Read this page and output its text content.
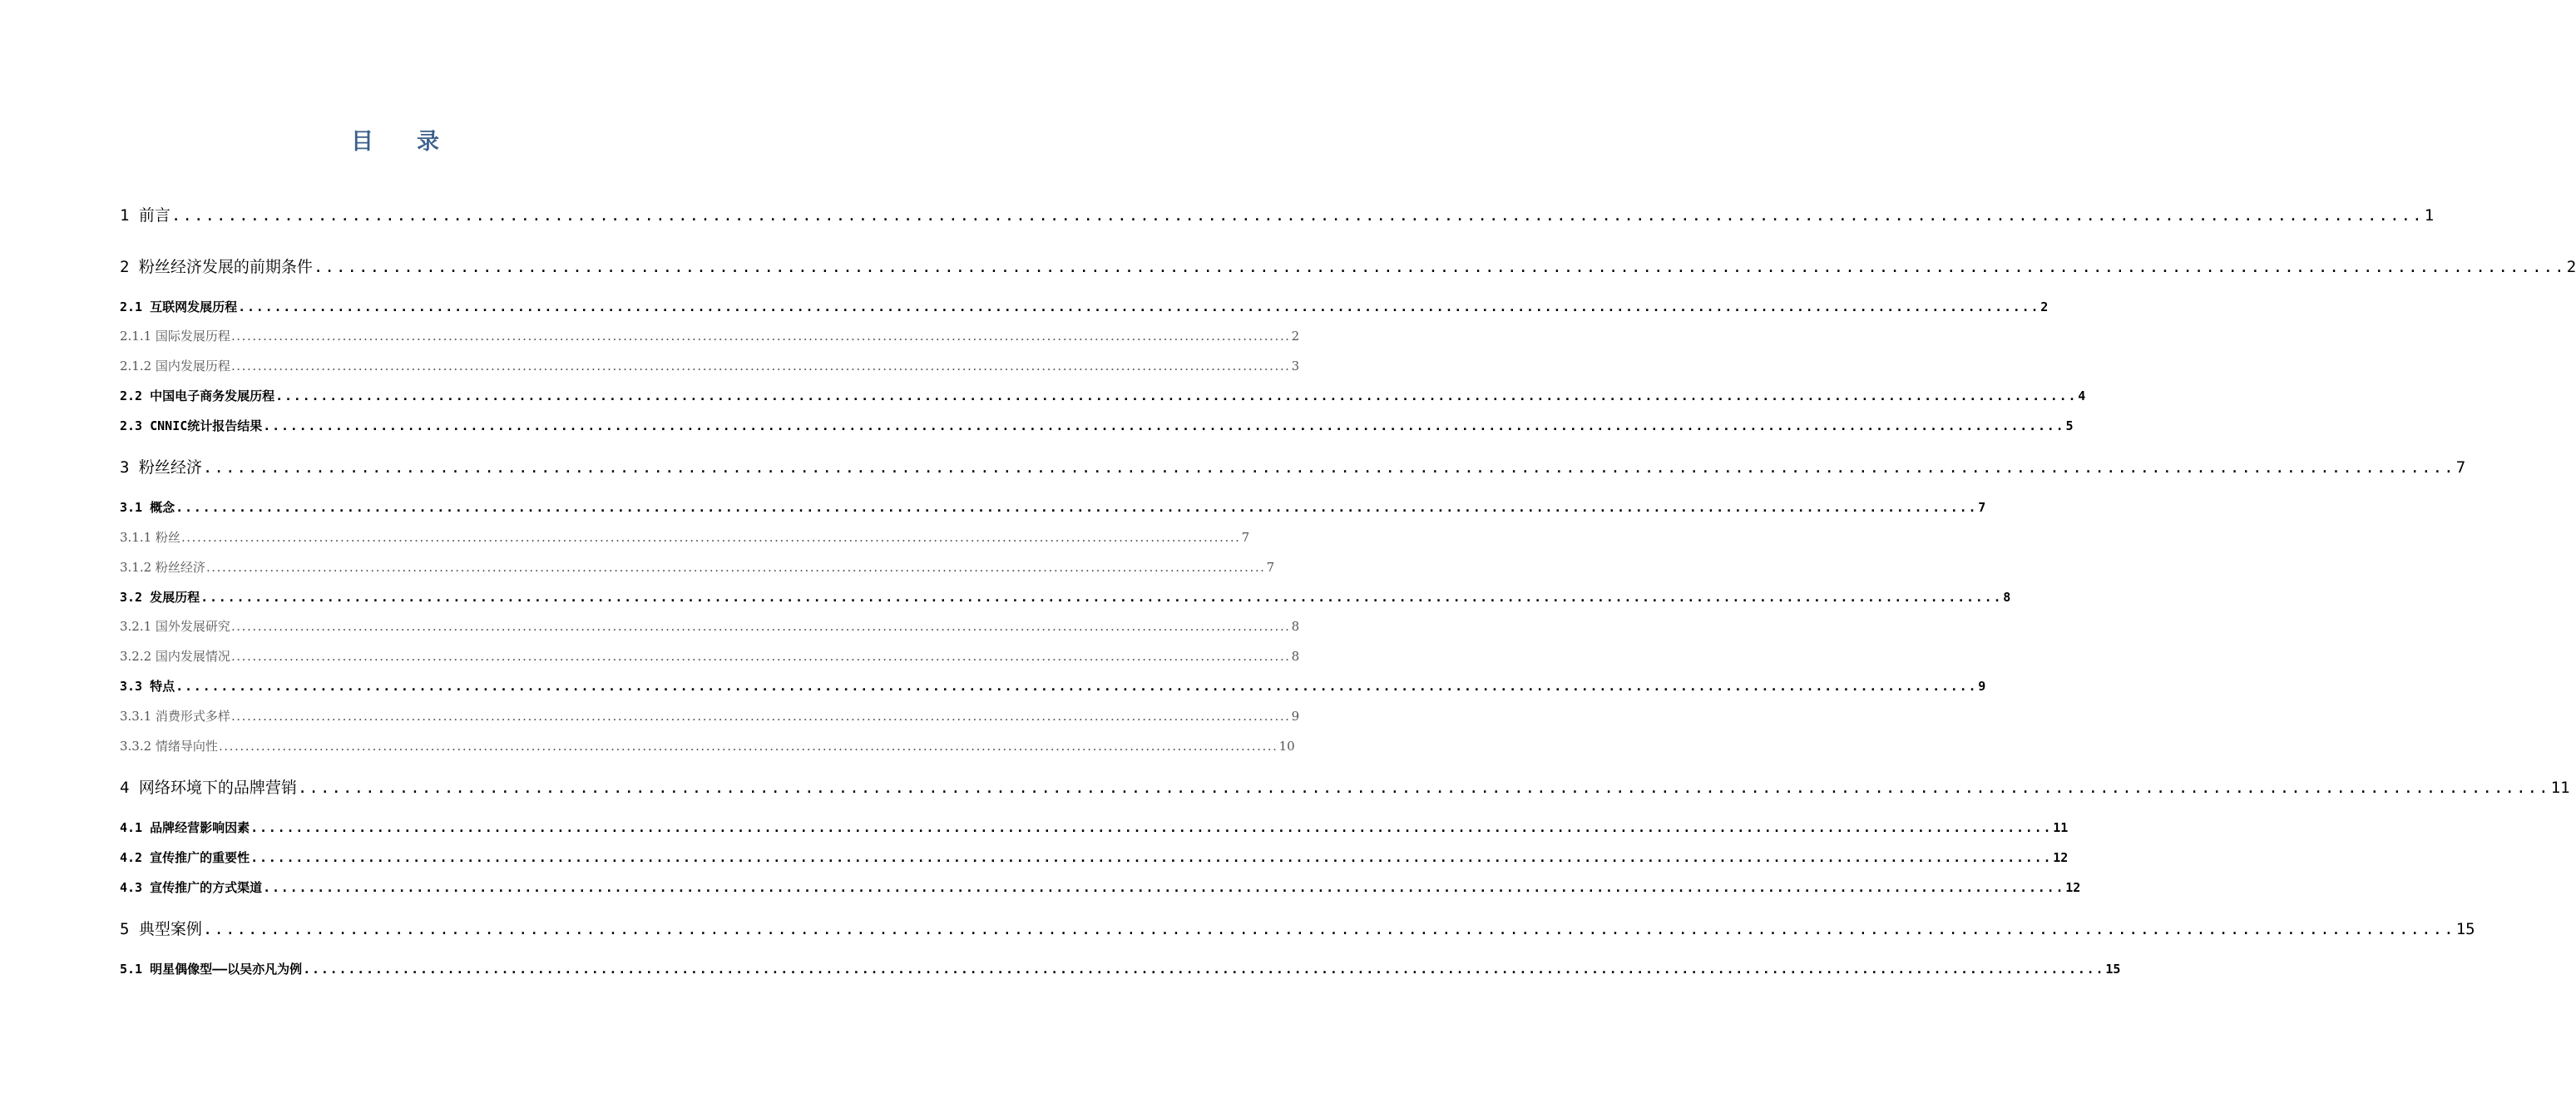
目 录
1 前言 ........................................................................................................................................................................................................ 1
2 粉丝经济发展的前期条件 ........................................................................................................................................................................................................ 2
2.1 互联网发展历程 ........................................................................................................................................................................................................ 2
2.1.1 国际发展历程 ........................................................................................................................................................................................................ 2
2.1.2 国内发展历程 ........................................................................................................................................................................................................ 3
2.2 中国电子商务发展历程 ........................................................................................................................................................................................................ 4
2.3 CNNIC统计报告结果 ........................................................................................................................................................................................................ 5
3 粉丝经济 ........................................................................................................................................................................................................ 7
3.1 概念 ........................................................................................................................................................................................................ 7
3.1.1 粉丝 ........................................................................................................................................................................................................ 7
3.1.2 粉丝经济 ........................................................................................................................................................................................................ 7
3.2 发展历程 ........................................................................................................................................................................................................ 8
3.2.1 国外发展研究 ........................................................................................................................................................................................................ 8
3.2.2 国内发展情况 ........................................................................................................................................................................................................ 8
3.3 特点 ........................................................................................................................................................................................................ 9
3.3.1 消费形式多样 ........................................................................................................................................................................................................ 9
3.3.2 情绪导向性 ........................................................................................................................................................................................................ 10
4 网络环境下的品牌营销 ........................................................................................................................................................................................................ 11
4.1 品牌经营影响因素 ........................................................................................................................................................................................................ 11
4.2 宣传推广的重要性 ........................................................................................................................................................................................................ 12
4.3 宣传推广的方式渠道 ........................................................................................................................................................................................................ 12
5 典型案例 ........................................................................................................................................................................................................ 15
5.1 明星偶像型——以吴亦凡为例 ........................................................................................................................................................................................................ 15
